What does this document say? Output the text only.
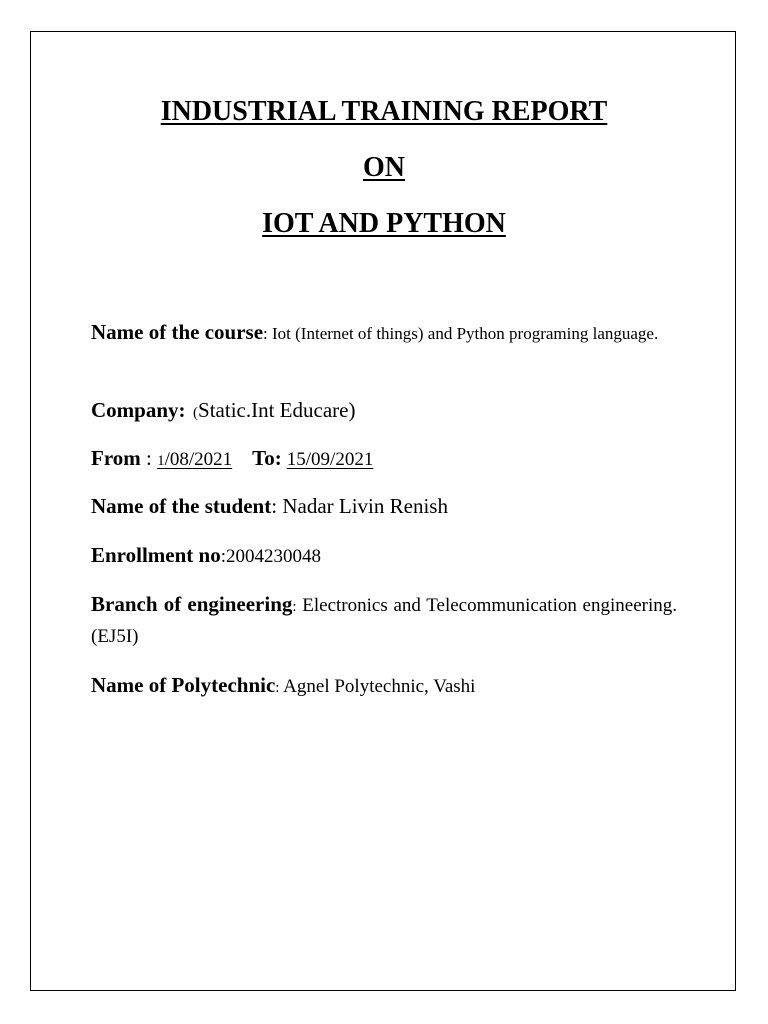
INDUSTRIAL TRAINING REPORT
ON
IOT AND PYTHON

Name of the course: Iot (Internet of things) and Python programing language.

Company:  (Static.Int Educare)

From : 1/08/2021 To: 15/09/2021

Name of the student: Nadar Livin Renish

Enrollment no:2004230048

Branch of engineering: Electronics and Telecommunication engineering.(EJ5I)

Name of Polytechnic: Agnel Polytechnic, Vashi
